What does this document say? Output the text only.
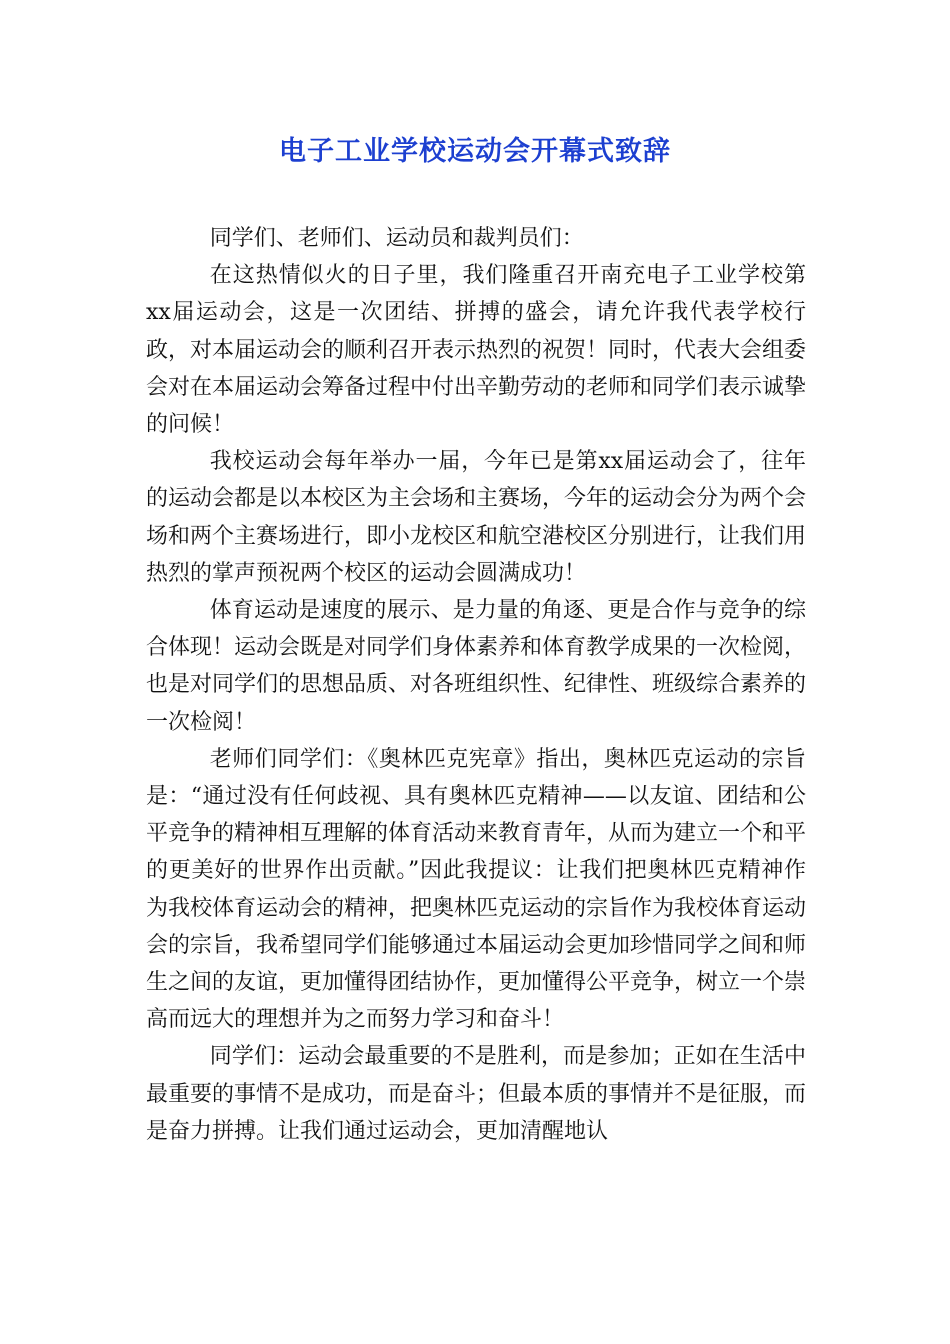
电子工业学校运动会开幕式致辞

同学们、老师们、运动员和裁判员们：

在这热情似火的日子里，我们隆重召开南充电子工业学校第xx届运动会，这是一次团结、拼搏的盛会，请允许我代表学校行政，对本届运动会的顺利召开表示热烈的祝贺！同时，代表大会组委会对在本届运动会筹备过程中付出辛勤劳动的老师和同学们表示诚挚的问候！

我校运动会每年举办一届，今年已是第xx届运动会了，往年的运动会都是以本校区为主会场和主赛场，今年的运动会分为两个会场和两个主赛场进行，即小龙校区和航空港校区分别进行，让我们用热烈的掌声预祝两个校区的运动会圆满成功！

体育运动是速度的展示、是力量的角逐、更是合作与竞争的综合体现！运动会既是对同学们身体素养和体育教学成果的一次检阅，也是对同学们的思想品质、对各班组织性、纪律性、班级综合素养的一次检阅！

老师们同学们：《奥林匹克宪章》指出，奥林匹克运动的宗旨是：“通过没有任何歧视、具有奥林匹克精神——以友谊、团结和公平竞争的精神相互理解的体育活动来教育青年，从而为建立一个和平的更美好的世界作出贡献。”因此我提议：让我们把奥林匹克精神作为我校体育运动会的精神，把奥林匹克运动的宗旨作为我校体育运动会的宗旨，我希望同学们能够通过本届运动会更加珍惜同学之间和师生之间的友谊，更加懂得团结协作，更加懂得公平竞争，树立一个崇高而远大的理想并为之而努力学习和奋斗！

同学们：运动会最重要的不是胜利，而是参加；正如在生活中最重要的事情不是成功，而是奋斗；但最本质的事情并不是征服，而是奋力拼搏。让我们通过运动会，更加清醒地认
